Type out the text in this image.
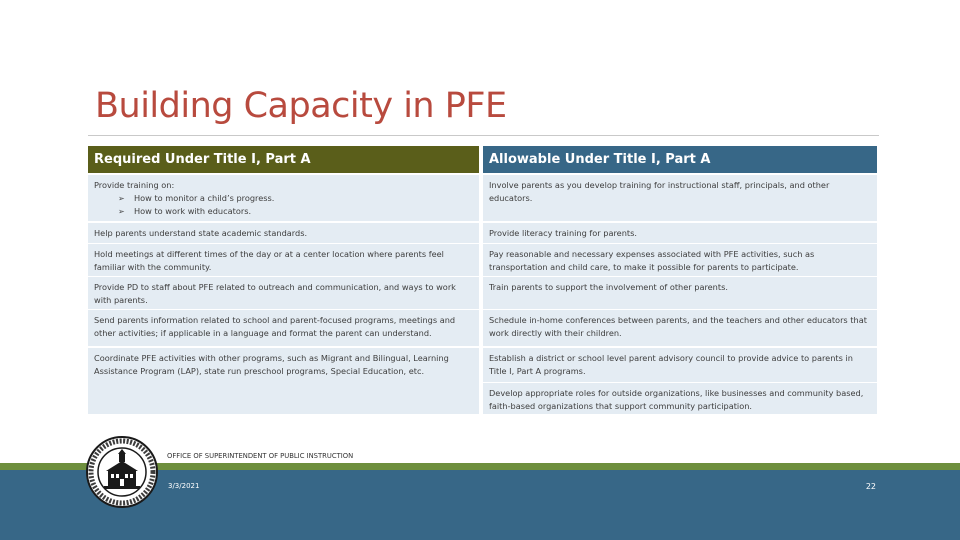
Building Capacity in PFE
Required Under Title I, Part A	Allowable Under Title I, Part A
Provide training on:
➢ How to monitor a child’s progress.
➢ How to work with educators.
Help parents understand state academic standards.
Hold meetings at different times of the day or at a center location where parents feel familiar with the community.
Provide PD to staff about PFE related to outreach and communication, and ways to work with parents.
Send parents information related to school and parent-focused programs, meetings and other activities; if applicable in a language and format the parent can understand.
Coordinate PFE activities with other programs, such as Migrant and Bilingual, Learning Assistance Program (LAP), state run preschool programs, Special Education, etc.
Involve parents as you develop training for instructional staff, principals, and other educators.
Provide literacy training for parents.
Pay reasonable and necessary expenses associated with PFE activities, such as transportation and child care, to make it possible for parents to participate.
Train parents to support the involvement of other parents.
Schedule in-home conferences between parents, and the teachers and other educators that work directly with their children.
Establish a district or school level parent advisory council to provide advice to parents in Title I, Part A programs.
Develop appropriate roles for outside organizations, like businesses and community based, faith-based organizations that support community participation.
OFFICE OF SUPERINTENDENT OF PUBLIC INSTRUCTION
3/3/2021	22
